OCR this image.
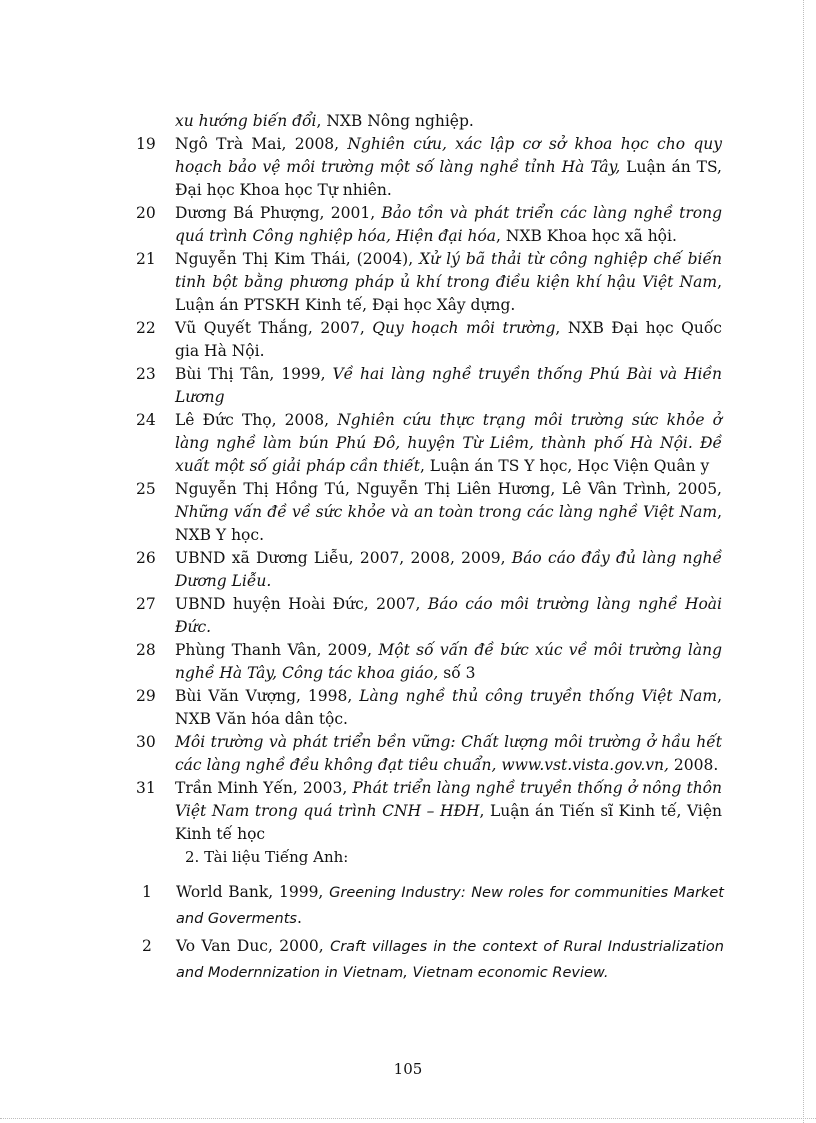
xu hướng biến đổi, NXB Nông nghiệp.
19	Ngô Trà Mai, 2008, Nghiên cứu, xác lập cơ sở khoa học cho quy hoạch bảo vệ môi trường một số làng nghề tỉnh Hà Tây, Luận án TS, Đại học Khoa học Tự nhiên.
20	Dương Bá Phượng, 2001, Bảo tồn và phát triển các làng nghề trong quá trình Công nghiệp hóa, Hiện đại hóa, NXB Khoa học xã hội.
21	Nguyễn Thị Kim Thái, (2004), Xử lý bã thải từ công nghiệp chế biến tinh bột bằng phương pháp ủ khí trong điều kiện khí hậu Việt Nam, Luận án PTSKH Kinh tế, Đại học Xây dựng.
22	Vũ Quyết Thắng, 2007, Quy hoạch môi trường, NXB Đại học Quốc gia Hà Nội.
23	Bùi Thị Tân, 1999, Về hai làng nghề truyền thống Phú Bài và Hiền Lương
24	Lê Đức Thọ, 2008, Nghiên cứu thực trạng môi trường sức khỏe ở làng nghề làm bún Phú Đô, huyện Từ Liêm, thành phố Hà Nội. Đề xuất một số giải pháp cần thiết, Luận án TS Y học, Học Viện Quân y
25	Nguyễn Thị Hồng Tú, Nguyễn Thị Liên Hương, Lê Vân Trình, 2005, Những vấn đề về sức khỏe và an toàn trong các làng nghề Việt Nam, NXB Y học.
26	UBND xã Dương Liễu, 2007, 2008, 2009, Báo cáo đầy đủ làng nghề Dương Liễu.
27	UBND huyện Hoài Đức, 2007, Báo cáo môi trường làng nghề Hoài Đức.
28	Phùng Thanh Vân, 2009, Một số vấn đề bức xúc về môi trường làng nghề Hà Tây, Công tác khoa giáo, số 3
29	Bùi Văn Vượng, 1998, Làng nghề thủ công truyền thống Việt Nam, NXB Văn hóa dân tộc.
30	Môi trường và phát triển bền vững: Chất lượng môi trường ở hầu hết các làng nghề đều không đạt tiêu chuẩn, www.vst.vista.gov.vn, 2008.
31	Trần Minh Yến, 2003, Phát triển làng nghề truyền thống ở nông thôn Việt Nam trong quá trình CNH – HĐH, Luận án Tiến sĩ Kinh tế, Viện Kinh tế học
2. Tài liệu Tiếng Anh:
1	World Bank, 1999, Greening Industry: New roles for communities Market and Goverments.
2	Vo Van Duc, 2000, Craft villages in the context of Rural Industrialization and Modernnization in Vietnam, Vietnam economic Review.
105
